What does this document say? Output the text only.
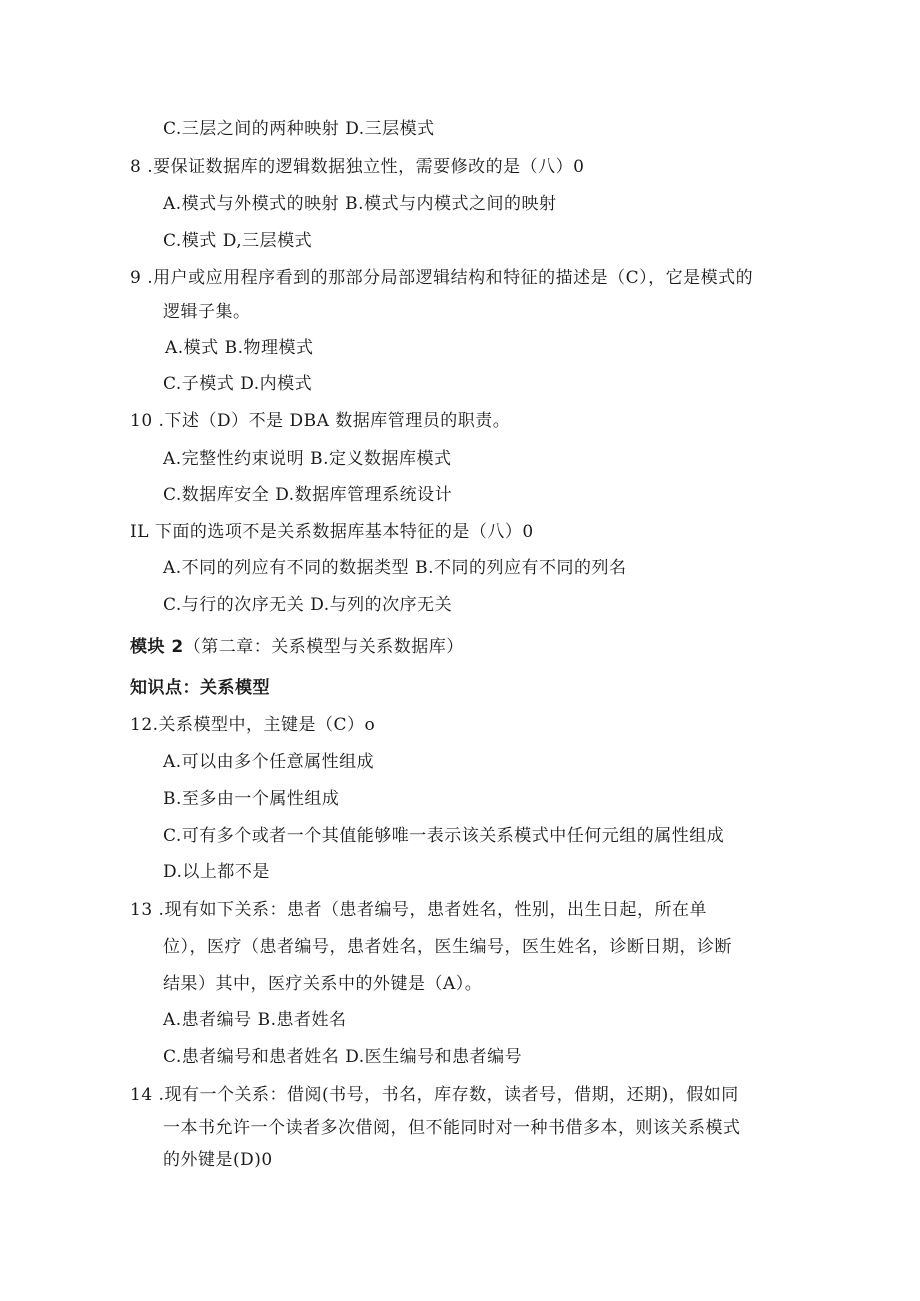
C.三层之间的两种映射 D.三层模式
8 .要保证数据库的逻辑数据独立性，需要修改的是（八）0
A.模式与外模式的映射 B.模式与内模式之间的映射
C.模式 D,三层模式
9 .用户或应用程序看到的那部分局部逻辑结构和特征的描述是（C），它是模式的
逻辑子集。
A.模式 B.物理模式
C.子模式 D.内模式
10 .下述（D）不是 DBA 数据库管理员的职责。
A.完整性约束说明 B.定义数据库模式
C.数据库安全 D.数据库管理系统设计
IL 下面的选项不是关系数据库基本特征的是（八）0
A.不同的列应有不同的数据类型 B.不同的列应有不同的列名
C.与行的次序无关 D.与列的次序无关
模块 2（第二章：关系模型与关系数据库）
知识点：关系模型
12.关系模型中，主键是（C）o
A.可以由多个任意属性组成
B.至多由一个属性组成
C.可有多个或者一个其值能够唯一表示该关系模式中任何元组的属性组成
D.以上都不是
13 .现有如下关系：患者（患者编号，患者姓名，性别，出生日起，所在单
位），医疗（患者编号，患者姓名，医生编号，医生姓名，诊断日期，诊断
结果）其中，医疗关系中的外键是（A）。
A.患者编号 B.患者姓名
C.患者编号和患者姓名 D.医生编号和患者编号
14 .现有一个关系：借阅(书号，书名，库存数，读者号，借期，还期)，假如同
一本书允许一个读者多次借阅，但不能同时对一种书借多本，则该关系模式
的外键是(D)0
